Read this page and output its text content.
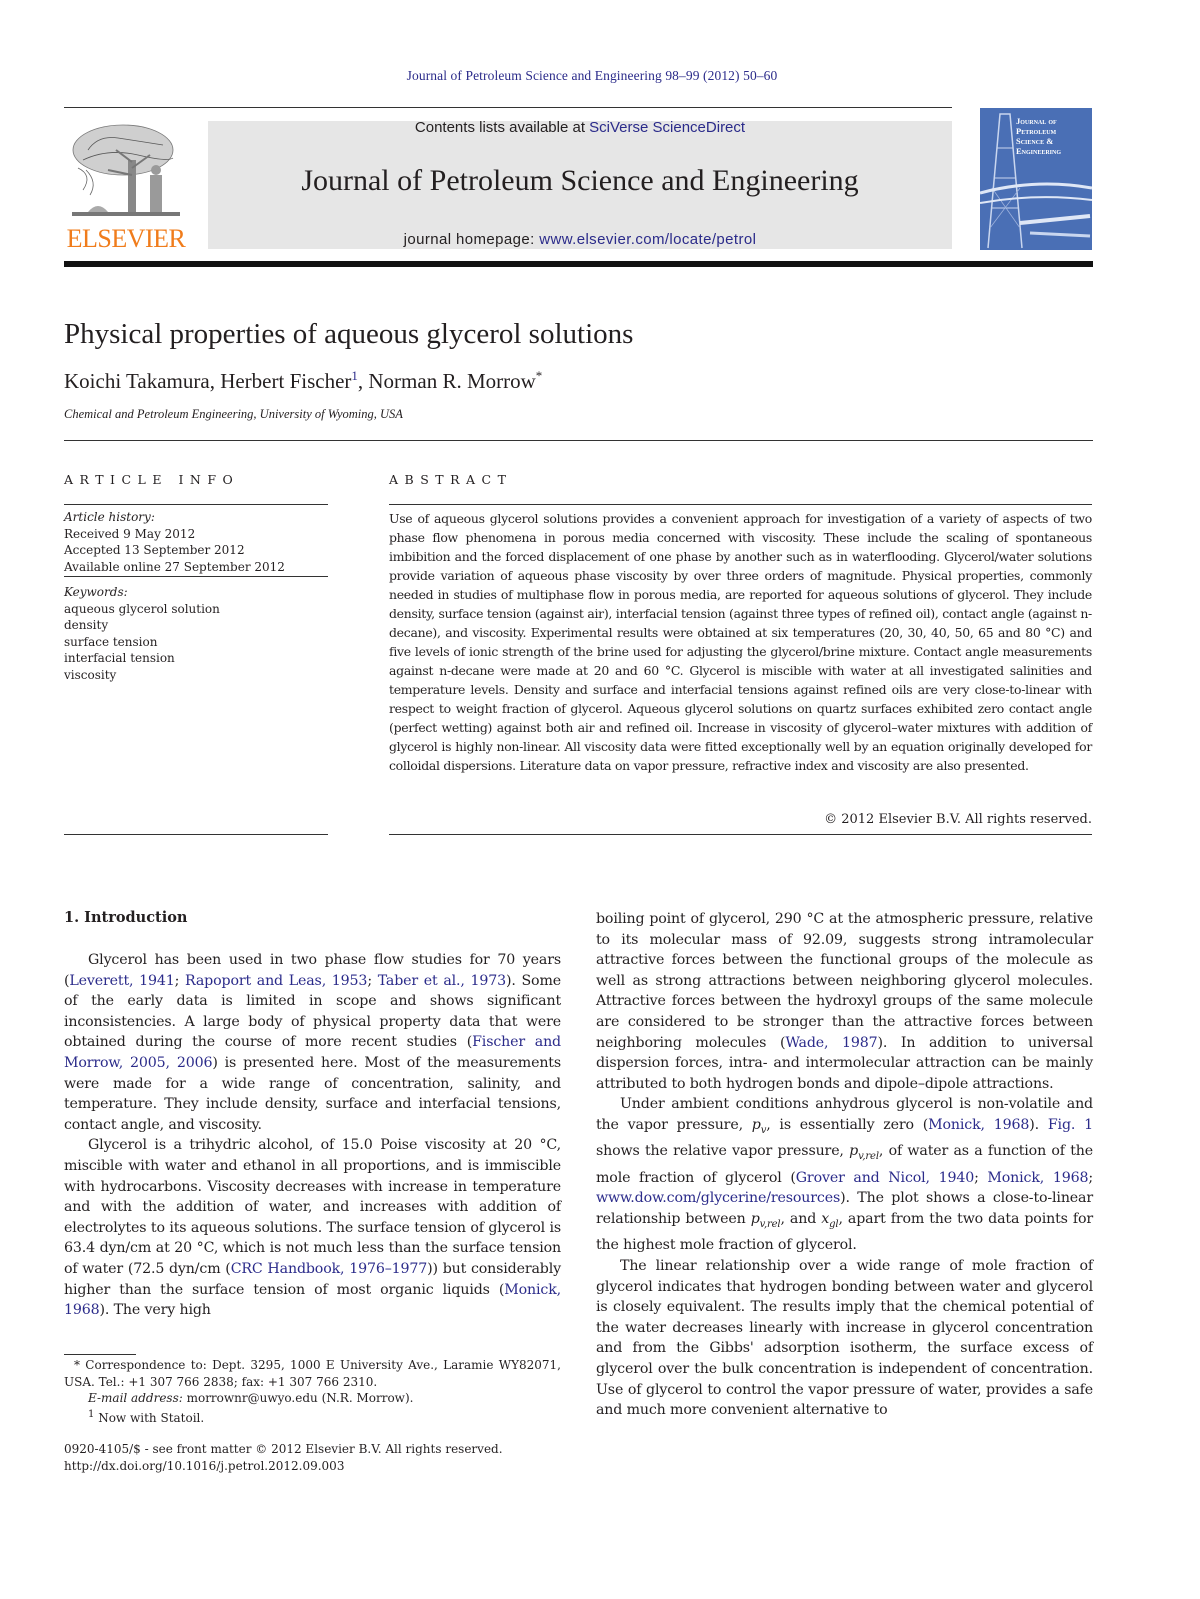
Journal of Petroleum Science and Engineering 98–99 (2012) 50–60
ELSEVIER
Contents lists available at SciVerse ScienceDirect
Journal of Petroleum Science and Engineering
journal homepage: www.elsevier.com/locate/petrol
Journal of
Petroleum
Science &
Engineering
Physical properties of aqueous glycerol solutions
Koichi Takamura, Herbert Fischer$^1$, Norman R. Morrow*
Chemical and Petroleum Engineering, University of Wyoming, USA
ARTICLE INFO
Article history:
Received 9 May 2012
Accepted 13 September 2012
Available online 27 September 2012
Keywords:
aqueous glycerol solution
density
surface tension
interfacial tension
viscosity
ABSTRACT
Use of aqueous glycerol solutions provides a convenient approach for investigation of a variety of aspects of two phase flow phenomena in porous media concerned with viscosity. These include the scaling of spontaneous imbibition and the forced displacement of one phase by another such as in waterflooding. Glycerol/water solutions provide variation of aqueous phase viscosity by over three orders of magnitude. Physical properties, commonly needed in studies of multiphase flow in porous media, are reported for aqueous solutions of glycerol. They include density, surface tension (against air), interfacial tension (against three types of refined oil), contact angle (against n-decane), and viscosity. Experimental results were obtained at six temperatures (20, 30, 40, 50, 65 and 80 °C) and five levels of ionic strength of the brine used for adjusting the glycerol/brine mixture. Contact angle measurements against n-decane were made at 20 and 60 °C. Glycerol is miscible with water at all investigated salinities and temperature levels. Density and surface and interfacial tensions against refined oils are very close-to-linear with respect to weight fraction of glycerol. Aqueous glycerol solutions on quartz surfaces exhibited zero contact angle (perfect wetting) against both air and refined oil. Increase in viscosity of glycerol–water mixtures with addition of glycerol is highly non-linear. All viscosity data were fitted exceptionally well by an equation originally developed for colloidal dispersions. Literature data on vapor pressure, refractive index and viscosity are also presented.
© 2012 Elsevier B.V. All rights reserved.
1. Introduction

Glycerol has been used in two phase flow studies for 70 years (Leverett, 1941; Rapoport and Leas, 1953; Taber et al., 1973). Some of the early data is limited in scope and shows significant inconsistencies. A large body of physical property data that were obtained during the course of more recent studies (Fischer and Morrow, 2005, 2006) is presented here. Most of the measurements were made for a wide range of concentration, salinity, and temperature. They include density, surface and interfacial tensions, contact angle, and viscosity.

Glycerol is a trihydric alcohol, of 15.0 Poise viscosity at 20 °C, miscible with water and ethanol in all proportions, and is immiscible with hydrocarbons. Viscosity decreases with increase in temperature and with the addition of water, and increases with addition of electrolytes to its aqueous solutions. The surface tension of glycerol is 63.4 dyn/cm at 20 °C, which is not much less than the surface tension of water (72.5 dyn/cm (CRC Handbook, 1976–1977)) but considerably higher than the surface tension of most organic liquids (Monick, 1968). The very high

boiling point of glycerol, 290 °C at the atmospheric pressure, relative to its molecular mass of 92.09, suggests strong intramolecular attractive forces between the functional groups of the molecule as well as strong attractions between neighboring glycerol molecules. Attractive forces between the hydroxyl groups of the same molecule are considered to be stronger than the attractive forces between neighboring molecules (Wade, 1987). In addition to universal dispersion forces, intra- and intermolecular attraction can be mainly attributed to both hydrogen bonds and dipole–dipole attractions.

Under ambient conditions anhydrous glycerol is non-volatile and the vapor pressure, $p_v$, is essentially zero (Monick, 1968). Fig. 1 shows the relative vapor pressure, $p_{v,rel}$, of water as a function of the mole fraction of glycerol (Grover and Nicol, 1940; Monick, 1968; www.dow.com/glycerine/resources). The plot shows a close-to-linear relationship between $p_{v,rel}$, and $x_{gl}$, apart from the two data points for the highest mole fraction of glycerol.

The linear relationship over a wide range of mole fraction of glycerol indicates that hydrogen bonding between water and glycerol is closely equivalent. The results imply that the chemical potential of the water decreases linearly with increase in glycerol concentration and from the Gibbs' adsorption isotherm, the surface excess of glycerol over the bulk concentration is independent of concentration. Use of glycerol to control the vapor pressure of water, provides a safe and much more convenient alternative to

* Correspondence to: Dept. 3295, 1000 E University Ave., Laramie WY82071, USA. Tel.: +1 307 766 2838; fax: +1 307 766 2310.
E-mail address: morrownr@uwyo.edu (N.R. Morrow).
$^1$ Now with Statoil.
0920-4105/$ - see front matter © 2012 Elsevier B.V. All rights reserved.
http://dx.doi.org/10.1016/j.petrol.2012.09.003
